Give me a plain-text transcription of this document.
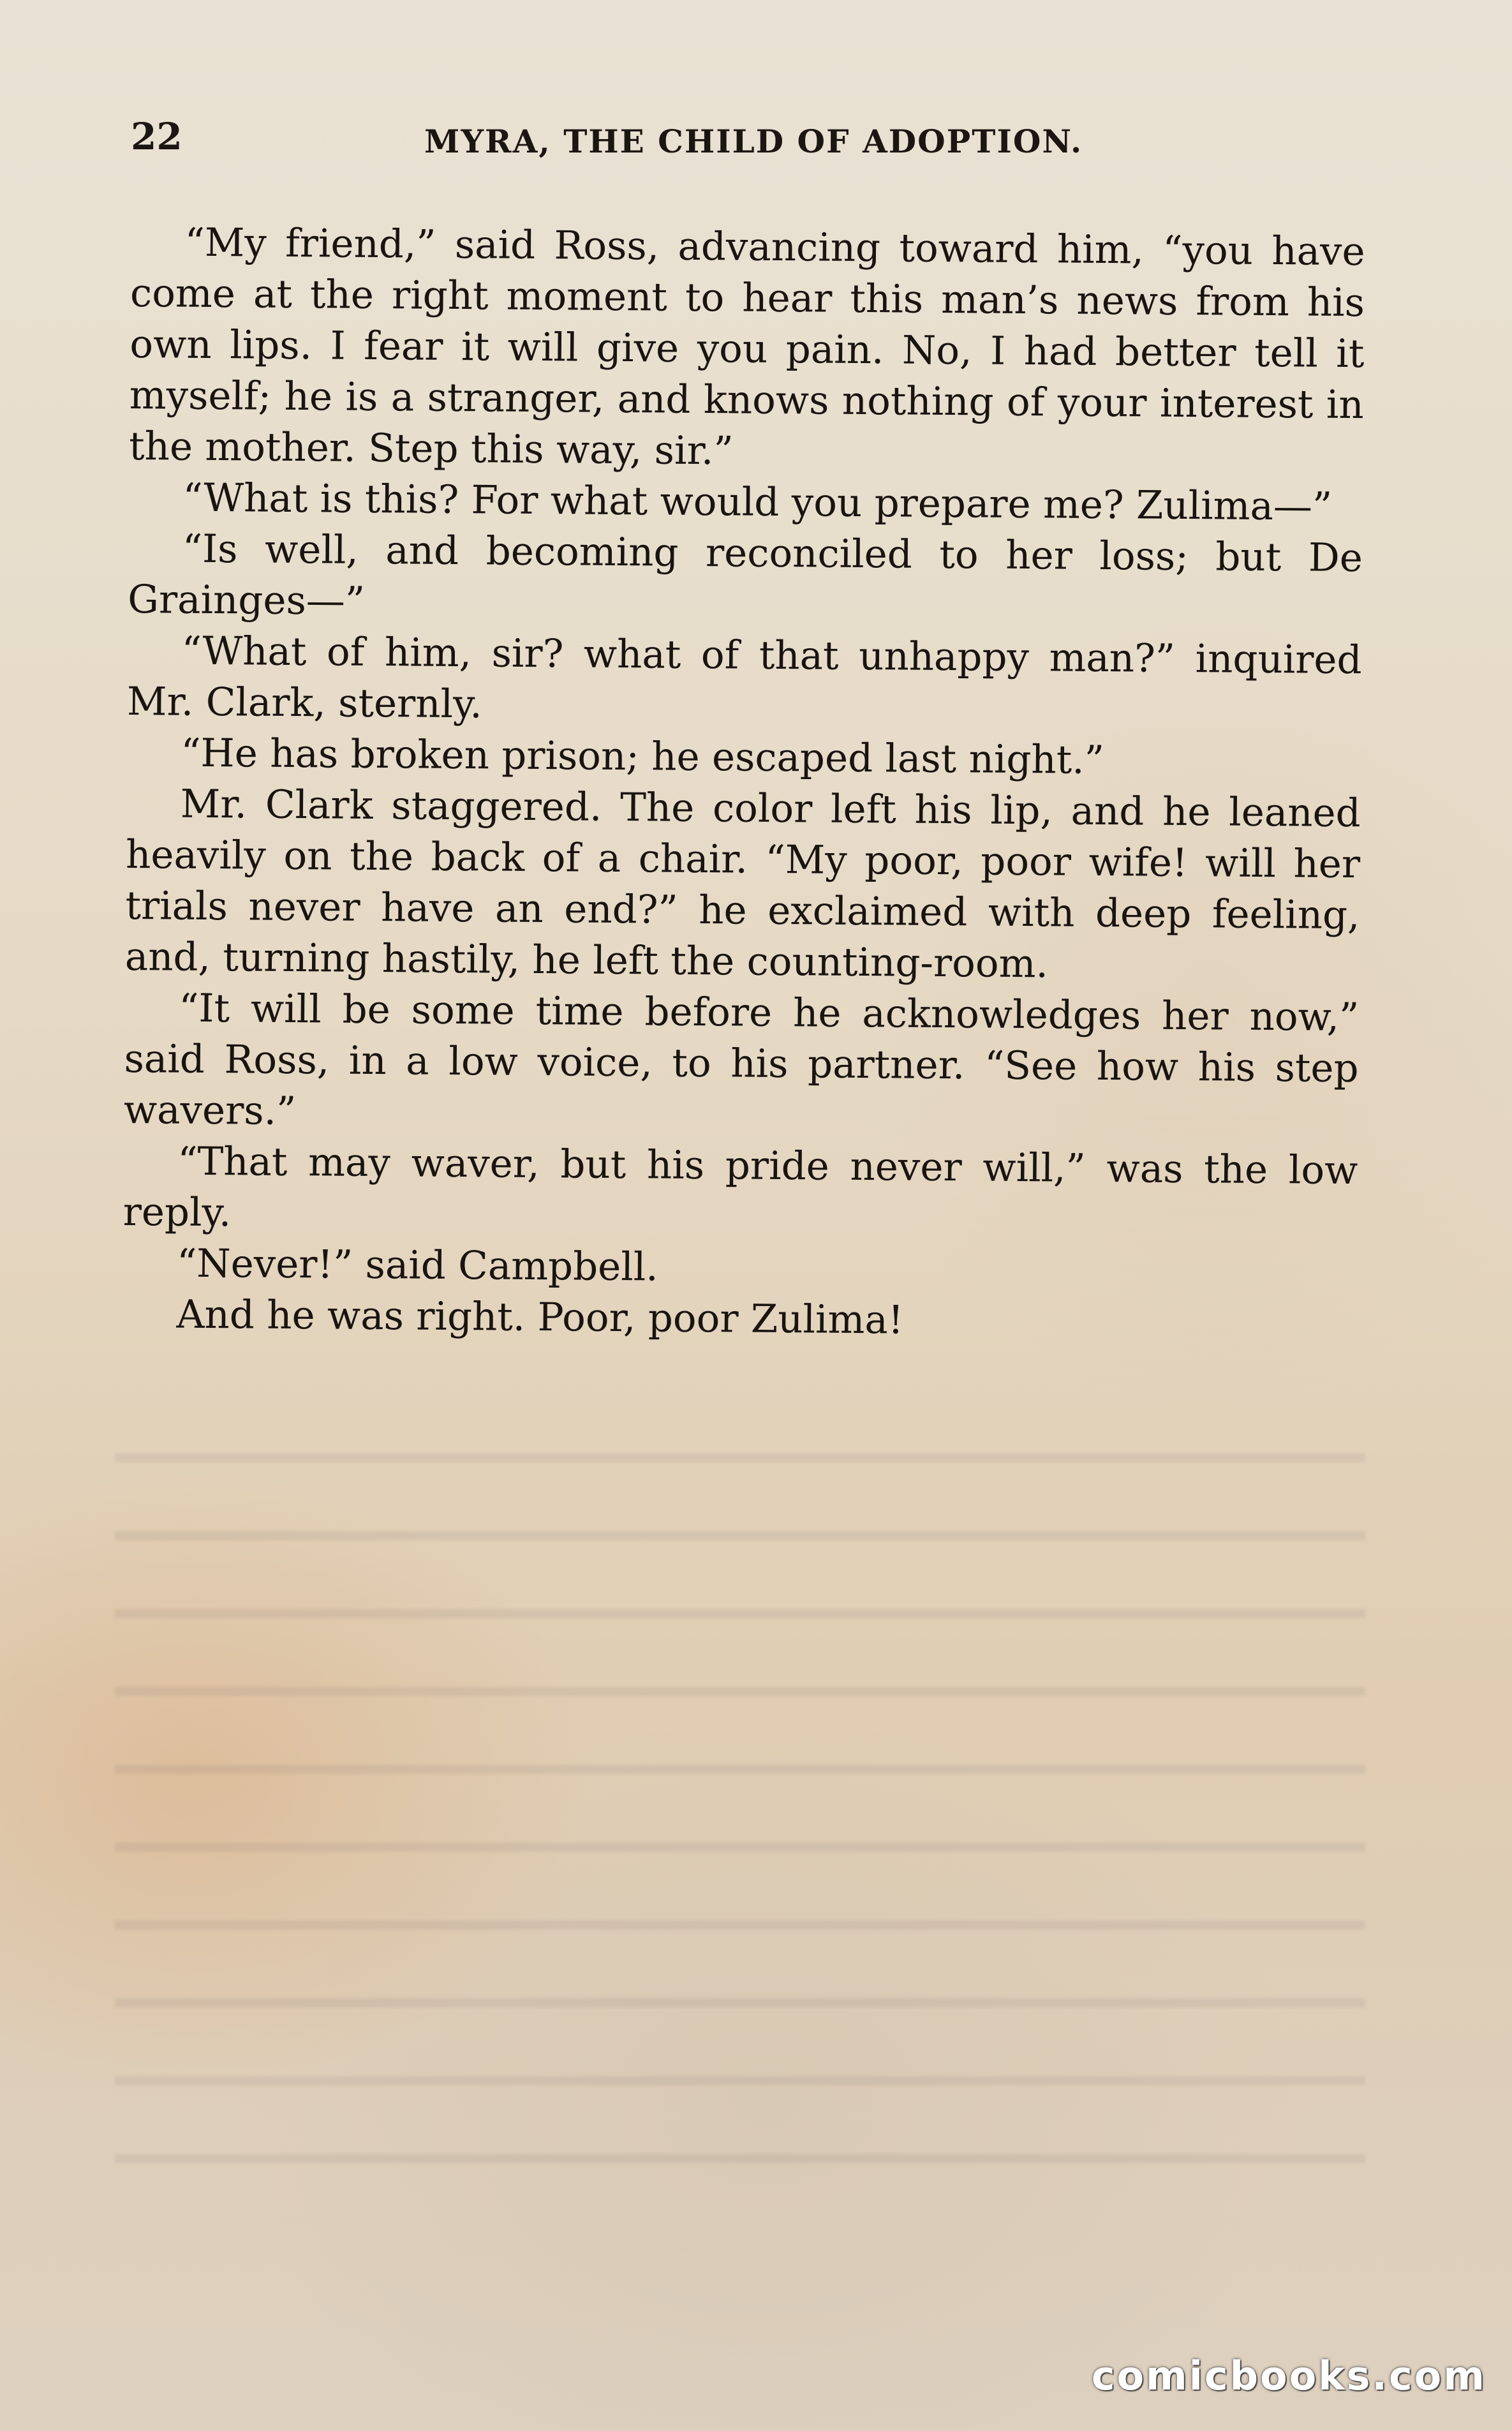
22	MYRA, THE CHILD OF ADOPTION.

“My friend,” said Ross, advancing toward him, “you have come at the right moment to hear this man’s news from his own lips. I fear it will give you pain. No, I had better tell it myself; he is a stranger, and knows nothing of your interest in the mother. Step this way, sir.”

“What is this? For what would you prepare me? Zulima—”

“Is well, and becoming reconciled to her loss; but De Grainges—”

“What of him, sir? what of that unhappy man?” inquired Mr. Clark, sternly.

“He has broken prison; he escaped last night.”

Mr. Clark staggered. The color left his lip, and he leaned heavily on the back of a chair. “My poor, poor wife! will her trials never have an end?” he exclaimed with deep feeling, and, turning hastily, he left the counting-room.

“It will be some time before he acknowledges her now,” said Ross, in a low voice, to his partner. “See how his step wavers.”

“That may waver, but his pride never will,” was the low reply.

“Never!” said Campbell.

And he was right. Poor, poor Zulima!

comicbooks.com
